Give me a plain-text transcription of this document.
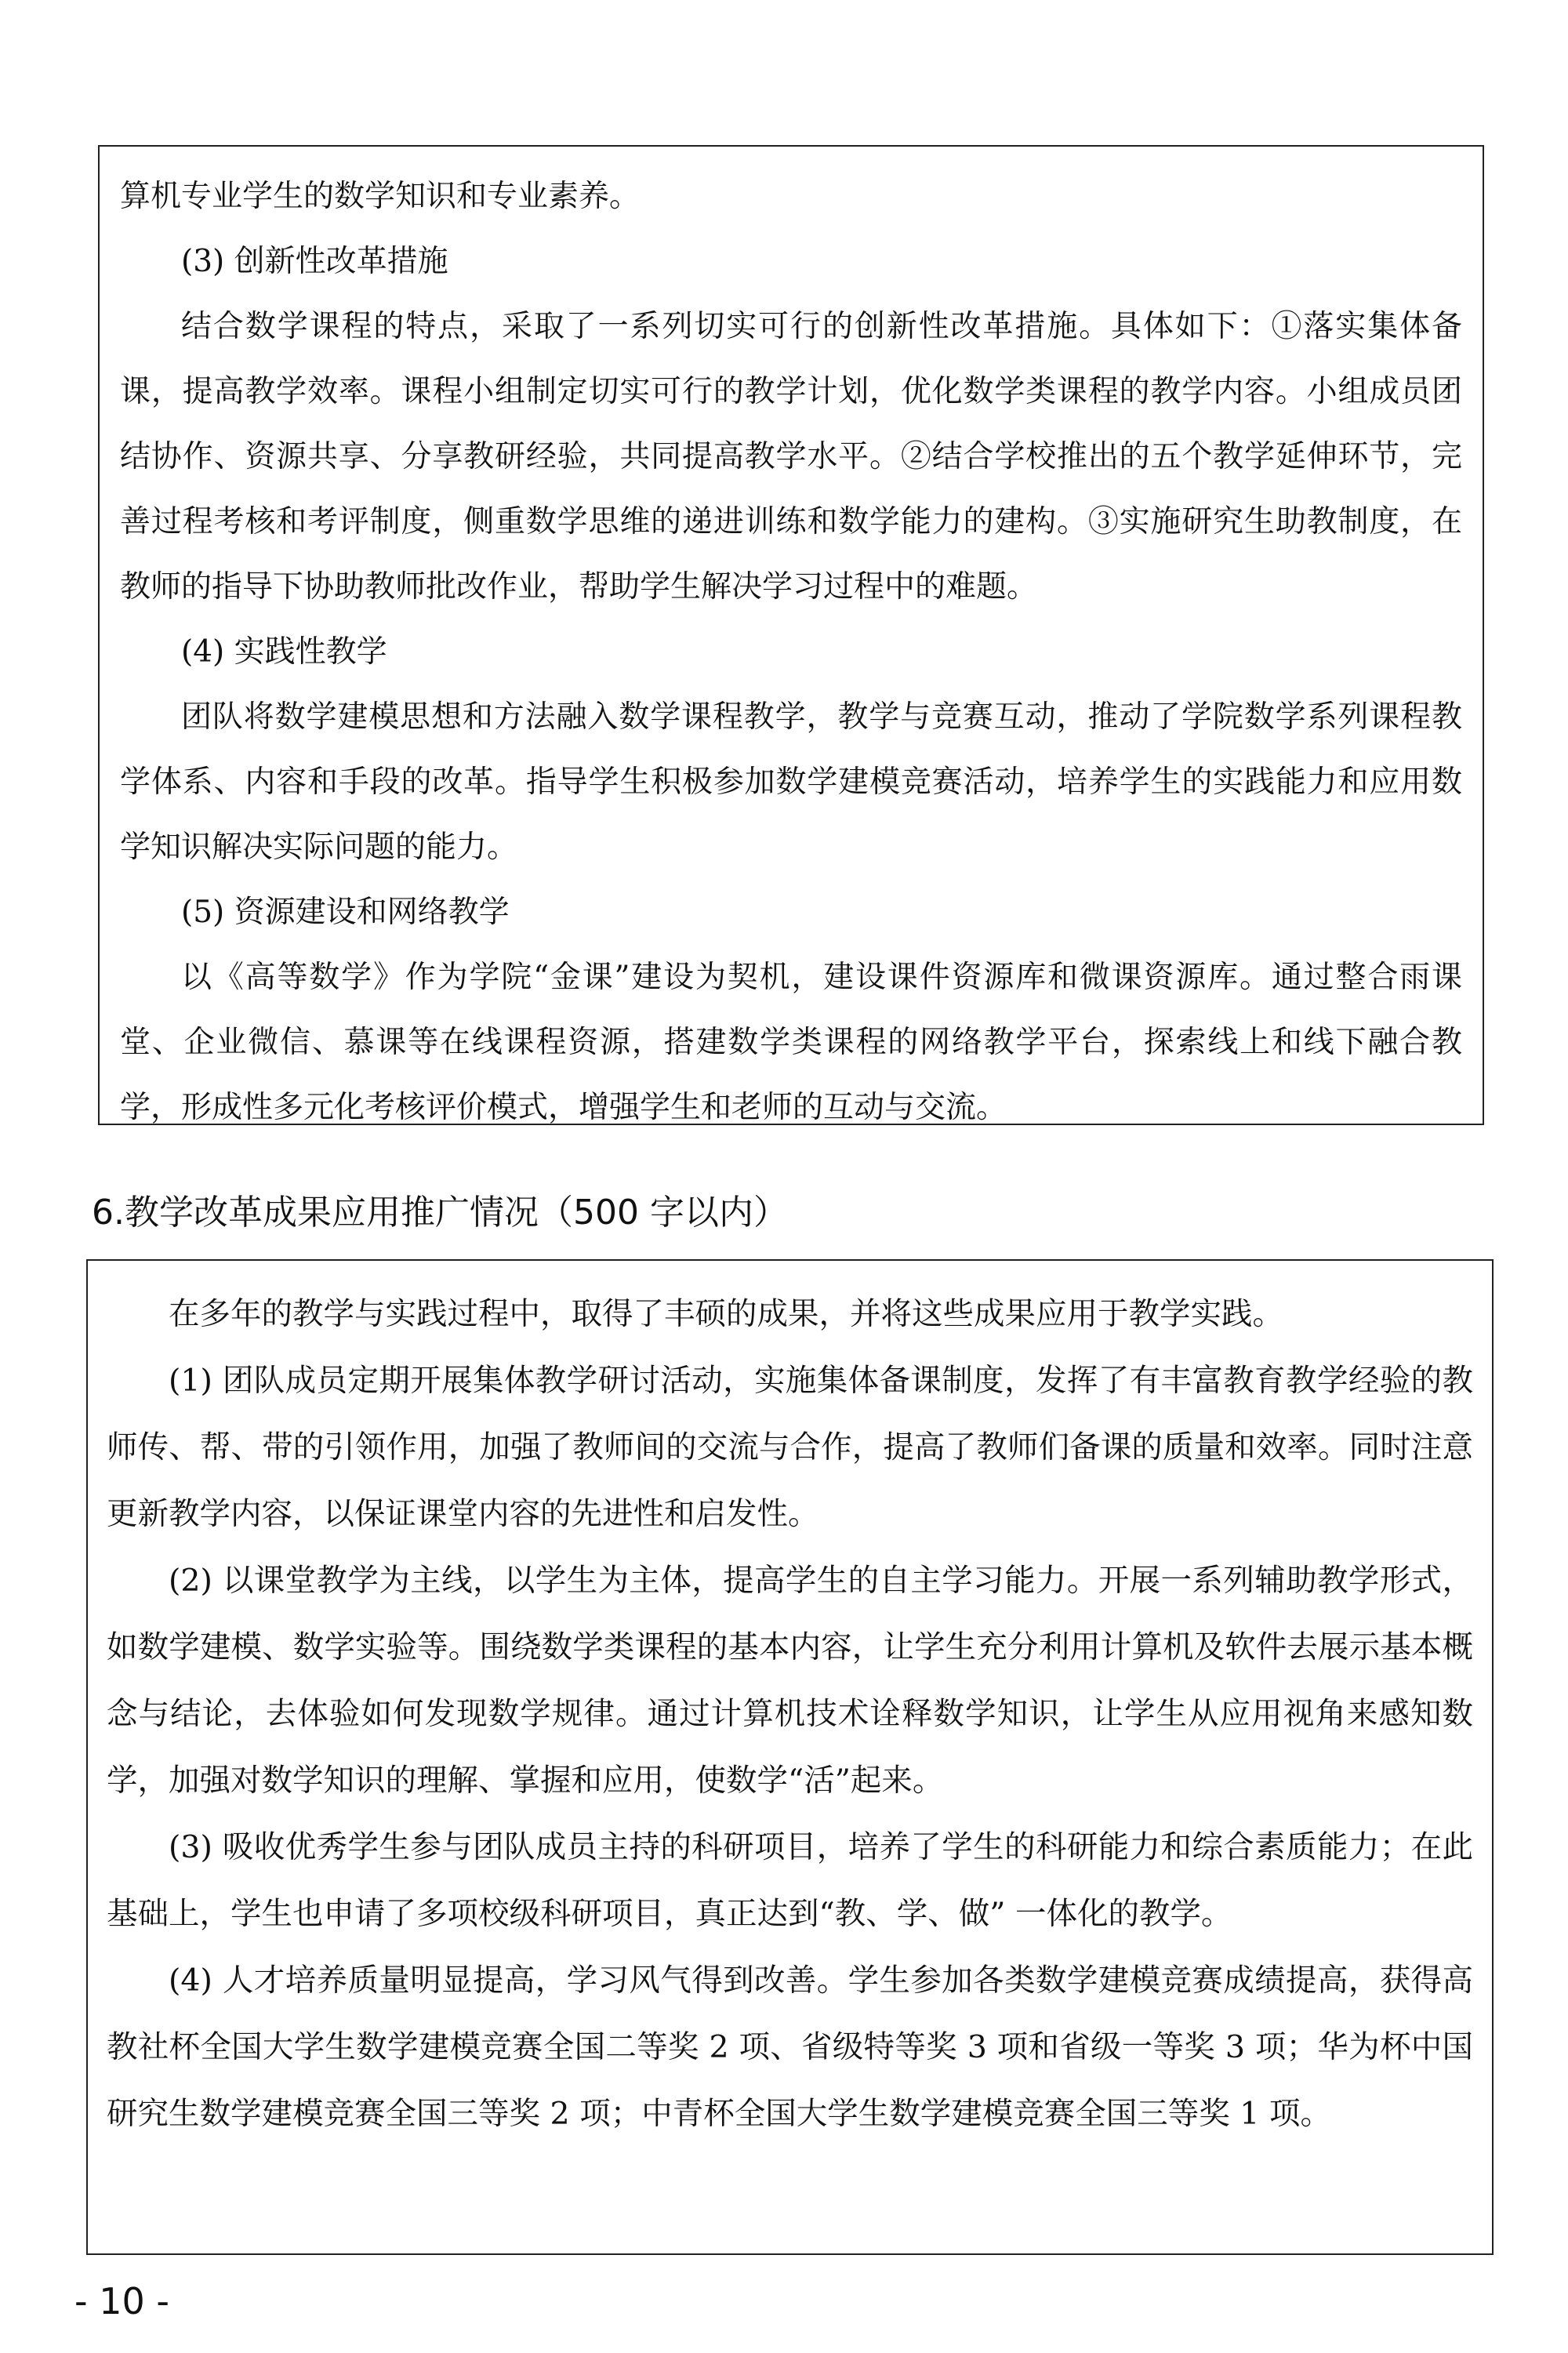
算机专业学生的数学知识和专业素养。

(3) 创新性改革措施

结合数学课程的特点，采取了一系列切实可行的创新性改革措施。具体如下：①落实集体备课，提高教学效率。课程小组制定切实可行的教学计划，优化数学类课程的教学内容。小组成员团结协作、资源共享、分享教研经验，共同提高教学水平。②结合学校推出的五个教学延伸环节，完善过程考核和考评制度，侧重数学思维的递进训练和数学能力的建构。③实施研究生助教制度，在教师的指导下协助教师批改作业，帮助学生解决学习过程中的难题。

(4) 实践性教学

团队将数学建模思想和方法融入数学课程教学，教学与竞赛互动，推动了学院数学系列课程教学体系、内容和手段的改革。指导学生积极参加数学建模竞赛活动，培养学生的实践能力和应用数学知识解决实际问题的能力。

(5) 资源建设和网络教学

以《高等数学》作为学院“金课”建设为契机，建设课件资源库和微课资源库。通过整合雨课堂、企业微信、慕课等在线课程资源，搭建数学类课程的网络教学平台，探索线上和线下融合教学，形成性多元化考核评价模式，增强学生和老师的互动与交流。

6.教学改革成果应用推广情况（500 字以内）

在多年的教学与实践过程中，取得了丰硕的成果，并将这些成果应用于教学实践。

(1) 团队成员定期开展集体教学研讨活动，实施集体备课制度，发挥了有丰富教育教学经验的教师传、帮、带的引领作用，加强了教师间的交流与合作，提高了教师们备课的质量和效率。同时注意更新教学内容，以保证课堂内容的先进性和启发性。

(2) 以课堂教学为主线，以学生为主体，提高学生的自主学习能力。开展一系列辅助教学形式，如数学建模、数学实验等。围绕数学类课程的基本内容，让学生充分利用计算机及软件去展示基本概念与结论，去体验如何发现数学规律。通过计算机技术诠释数学知识，让学生从应用视角来感知数学，加强对数学知识的理解、掌握和应用，使数学“活”起来。

(3) 吸收优秀学生参与团队成员主持的科研项目，培养了学生的科研能力和综合素质能力；在此基础上，学生也申请了多项校级科研项目，真正达到“教、学、做” 一体化的教学。

(4) 人才培养质量明显提高，学习风气得到改善。学生参加各类数学建模竞赛成绩提高，获得高教社杯全国大学生数学建模竞赛全国二等奖 2 项、省级特等奖 3 项和省级一等奖 3 项；华为杯中国研究生数学建模竞赛全国三等奖 2 项；中青杯全国大学生数学建模竞赛全国三等奖 1 项。

- 10 -
